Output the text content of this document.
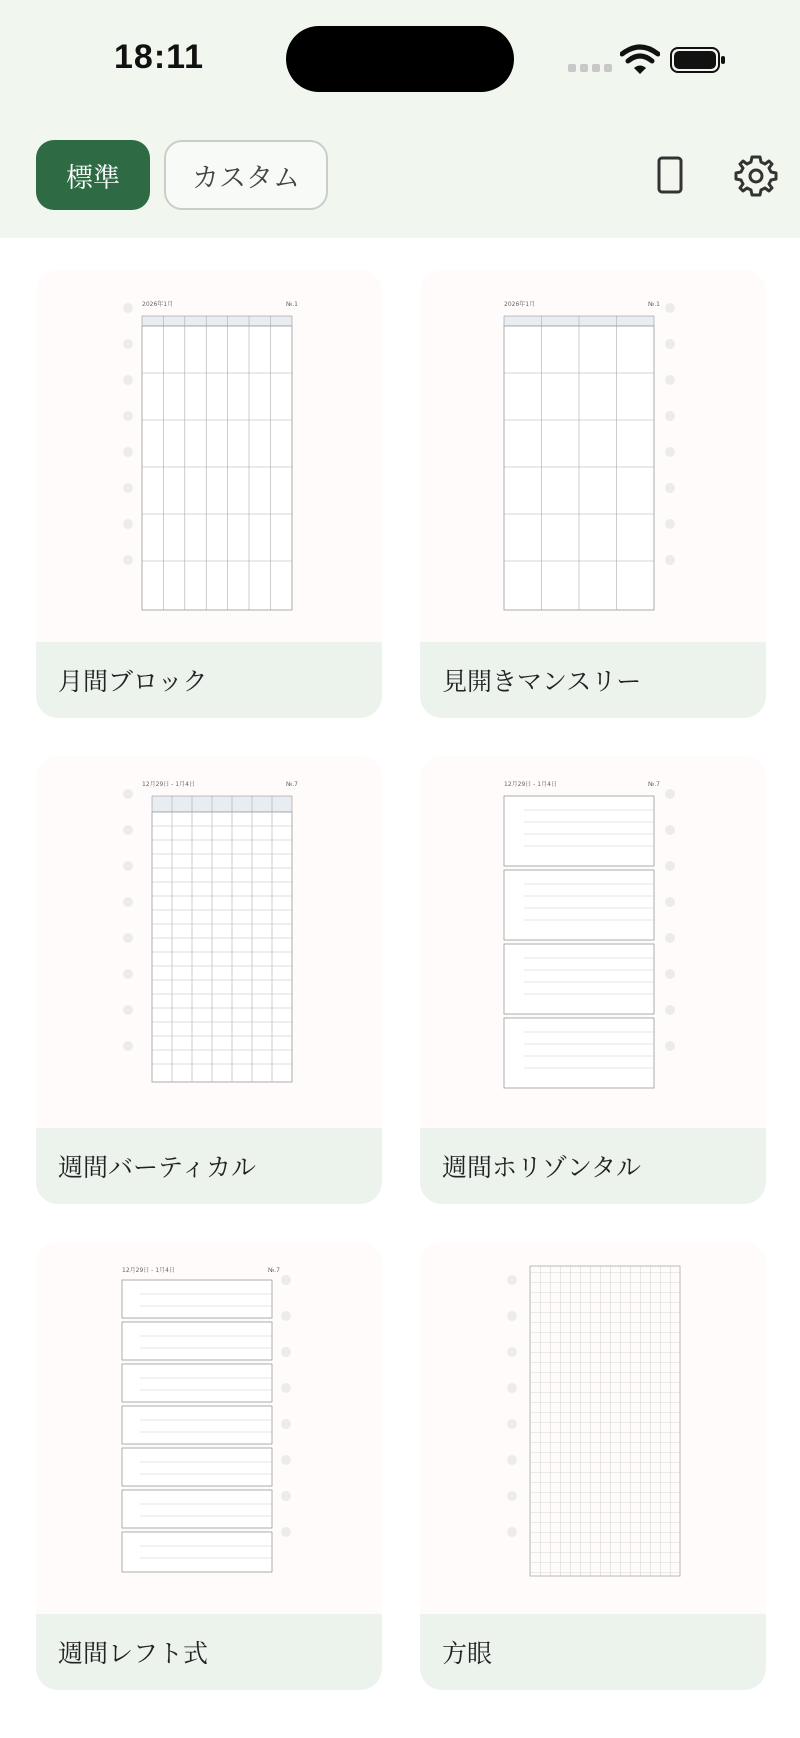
18:11
標準	カスタム
2026年1月	№.1
月間ブロック
2026年1月	№.1
見開きマンスリー
12月29日 - 1月4日	№.7
週間バーティカル
12月29日 - 1月4日	№.7
週間ホリゾンタル
12月29日 - 1月4日	№.7
週間レフト式	方眼
